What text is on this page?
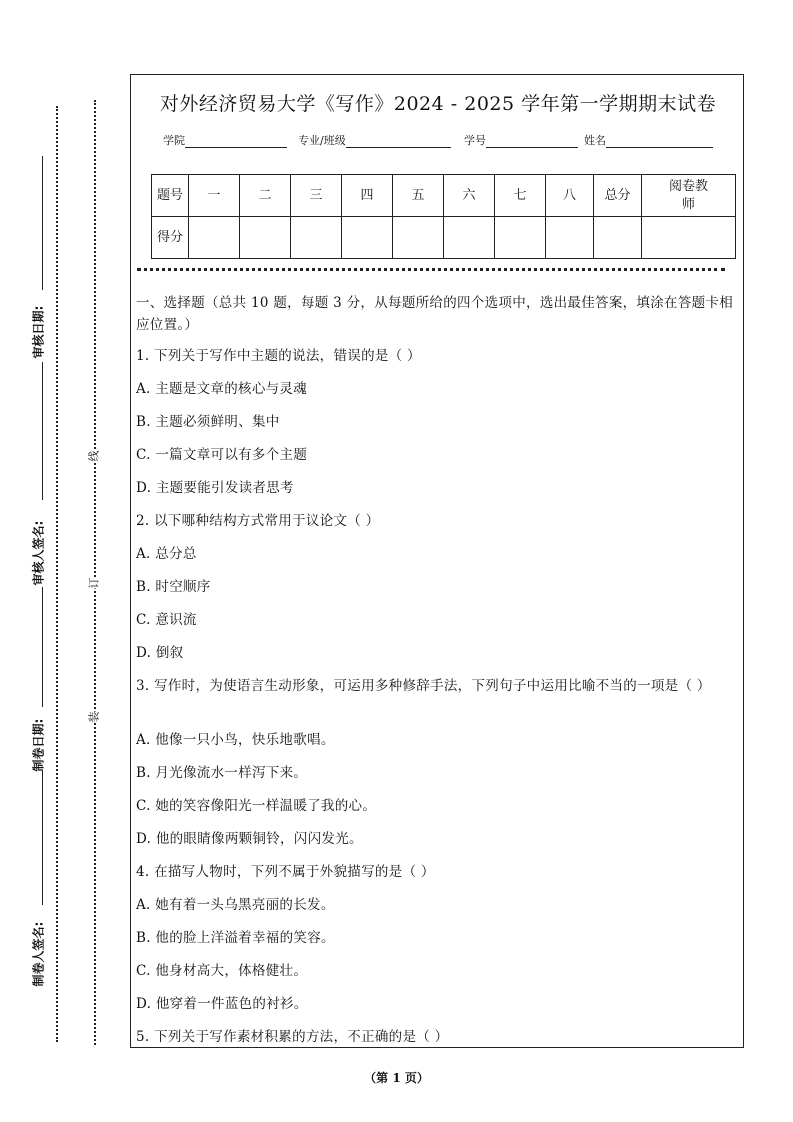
审核日期:
审核人签名:
制卷日期:
制卷人签名:
线
订
装
对外经济贸易大学《写作》2024 - 2025 学年第一学期期末试卷
学院	专业/班级	学号	姓名
题号	一	二	三	四	五	六	七	八	总分	阅卷教师
得分										
一、选择题（总共 10 题，每题 3 分，从每题所给的四个选项中，选出最佳答案，填涂在答题卡相应位置。）
1. 下列关于写作中主题的说法，错误的是（ ）
A. 主题是文章的核心与灵魂
B. 主题必须鲜明、集中
C. 一篇文章可以有多个主题
D. 主题要能引发读者思考
2. 以下哪种结构方式常用于议论文（ ）
A. 总分总
B. 时空顺序
C. 意识流
D. 倒叙
3. 写作时，为使语言生动形象，可运用多种修辞手法，下列句子中运用比喻不当的一项是（ ）
A. 他像一只小鸟，快乐地歌唱。
B. 月光像流水一样泻下来。
C. 她的笑容像阳光一样温暖了我的心。
D. 他的眼睛像两颗铜铃，闪闪发光。
4. 在描写人物时，下列不属于外貌描写的是（ ）
A. 她有着一头乌黑亮丽的长发。
B. 他的脸上洋溢着幸福的笑容。
C. 他身材高大，体格健壮。
D. 他穿着一件蓝色的衬衫。
5. 下列关于写作素材积累的方法，不正确的是（ ）
（第 1 页）
